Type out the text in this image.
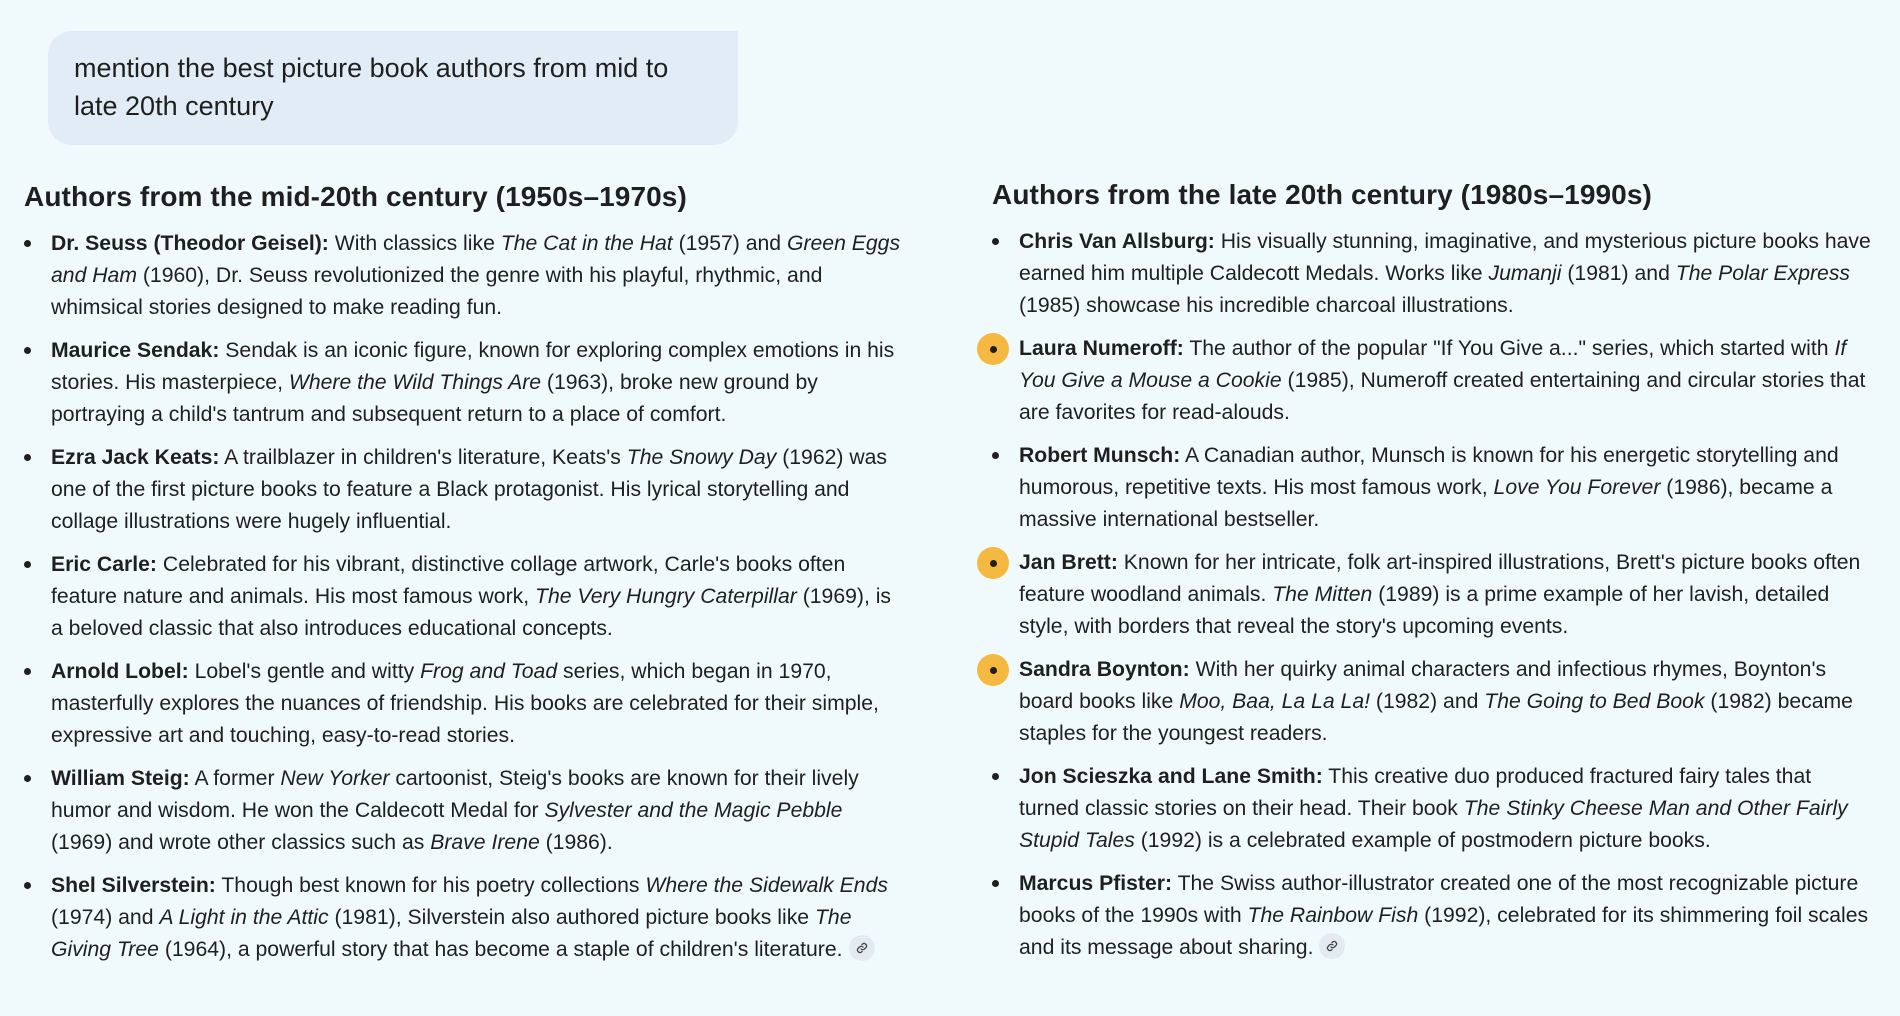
mention the best picture book authors from mid to late 20th century
Authors from the mid-20th century (1950s–1970s)
Dr. Seuss (Theodor Geisel): With classics like The Cat in the Hat (1957) and Green Eggs and Ham (1960), Dr. Seuss revolutionized the genre with his playful, rhythmic, and whimsical stories designed to make reading fun.
Maurice Sendak: Sendak is an iconic figure, known for exploring complex emotions in his stories. His masterpiece, Where the Wild Things Are (1963), broke new ground by portraying a child's tantrum and subsequent return to a place of comfort.
Ezra Jack Keats: A trailblazer in children's literature, Keats's The Snowy Day (1962) was one of the first picture books to feature a Black protagonist. His lyrical storytelling and collage illustrations were hugely influential.
Eric Carle: Celebrated for his vibrant, distinctive collage artwork, Carle's books often feature nature and animals. His most famous work, The Very Hungry Caterpillar (1969), is a beloved classic that also introduces educational concepts.
Arnold Lobel: Lobel's gentle and witty Frog and Toad series, which began in 1970, masterfully explores the nuances of friendship. His books are celebrated for their simple, expressive art and touching, easy-to-read stories.
William Steig: A former New Yorker cartoonist, Steig's books are known for their lively humor and wisdom. He won the Caldecott Medal for Sylvester and the Magic Pebble (1969) and wrote other classics such as Brave Irene (1986).
Shel Silverstein: Though best known for his poetry collections Where the Sidewalk Ends (1974) and A Light in the Attic (1981), Silverstein also authored picture books like The Giving Tree (1964), a powerful story that has become a staple of children's literature.
Authors from the late 20th century (1980s–1990s)
Chris Van Allsburg: His visually stunning, imaginative, and mysterious picture books have earned him multiple Caldecott Medals. Works like Jumanji (1981) and The Polar Express (1985) showcase his incredible charcoal illustrations.
Laura Numeroff: The author of the popular "If You Give a..." series, which started with If You Give a Mouse a Cookie (1985), Numeroff created entertaining and circular stories that are favorites for read-alouds.
Robert Munsch: A Canadian author, Munsch is known for his energetic storytelling and humorous, repetitive texts. His most famous work, Love You Forever (1986), became a massive international bestseller.
Jan Brett: Known for her intricate, folk art-inspired illustrations, Brett's picture books often feature woodland animals. The Mitten (1989) is a prime example of her lavish, detailed style, with borders that reveal the story's upcoming events.
Sandra Boynton: With her quirky animal characters and infectious rhymes, Boynton's board books like Moo, Baa, La La La! (1982) and The Going to Bed Book (1982) became staples for the youngest readers.
Jon Scieszka and Lane Smith: This creative duo produced fractured fairy tales that turned classic stories on their head. Their book The Stinky Cheese Man and Other Fairly Stupid Tales (1992) is a celebrated example of postmodern picture books.
Marcus Pfister: The Swiss author-illustrator created one of the most recognizable picture books of the 1990s with The Rainbow Fish (1992), celebrated for its shimmering foil scales and its message about sharing.
